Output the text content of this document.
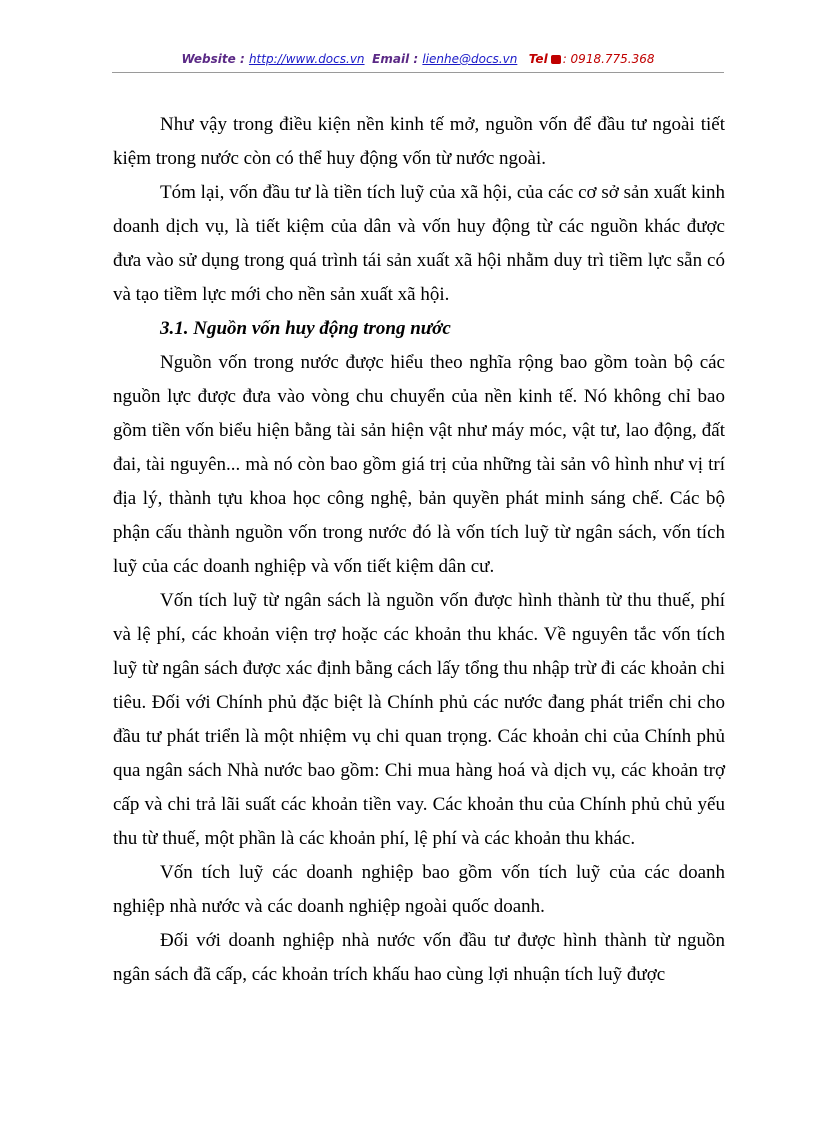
Website : http://www.docs.vn Email : lienhe@docs.vn Tel : 0918.775.368

Như vậy trong điều kiện nền kinh tế mở, nguồn vốn để đầu tư ngoài tiết kiệm trong nước còn có thể huy động vốn từ nước ngoài.

Tóm lại, vốn đầu tư là tiền tích luỹ của xã hội, của các cơ sở sản xuất kinh doanh dịch vụ, là tiết kiệm của dân và vốn huy động từ các nguồn khác được đưa vào sử dụng trong quá trình tái sản xuất xã hội nhằm duy trì tiềm lực sẵn có và tạo tiềm lực mới cho nền sản xuất xã hội.

3.1. Nguồn vốn huy động trong nước

Nguồn vốn trong nước được hiểu theo nghĩa rộng bao gồm toàn bộ các nguồn lực được đưa vào vòng chu chuyển của nền kinh tế. Nó không chỉ bao gồm tiền vốn biểu hiện bằng tài sản hiện vật như máy móc, vật tư, lao động, đất đai, tài nguyên... mà nó còn bao gồm giá trị của những tài sản vô hình như vị trí địa lý, thành tựu khoa học công nghệ, bản quyền phát minh sáng chế. Các bộ phận cấu thành nguồn vốn trong nước đó là vốn tích luỹ từ ngân sách, vốn tích luỹ của các doanh nghiệp và vốn tiết kiệm dân cư.

Vốn tích luỹ từ ngân sách là nguồn vốn được hình thành từ thu thuế, phí và lệ phí, các khoản viện trợ hoặc các khoản thu khác. Về nguyên tắc vốn tích luỹ từ ngân sách được xác định bằng cách lấy tổng thu nhập trừ đi các khoản chi tiêu. Đối với Chính phủ đặc biệt là Chính phủ các nước đang phát triển chi cho đầu tư phát triển là một nhiệm vụ chi quan trọng. Các khoản chi của Chính phủ qua ngân sách Nhà nước bao gồm: Chi mua hàng hoá và dịch vụ, các khoản trợ cấp và chi trả lãi suất các khoản tiền vay. Các khoản thu của Chính phủ chủ yếu thu từ thuế, một phần là các khoản phí, lệ phí và các khoản thu khác.

Vốn tích luỹ các doanh nghiệp bao gồm vốn tích luỹ của các doanh nghiệp nhà nước và các doanh nghiệp ngoài quốc doanh.

Đối với doanh nghiệp nhà nước vốn đầu tư được hình thành từ nguồn ngân sách đã cấp, các khoản trích khấu hao cùng lợi nhuận tích luỹ được
